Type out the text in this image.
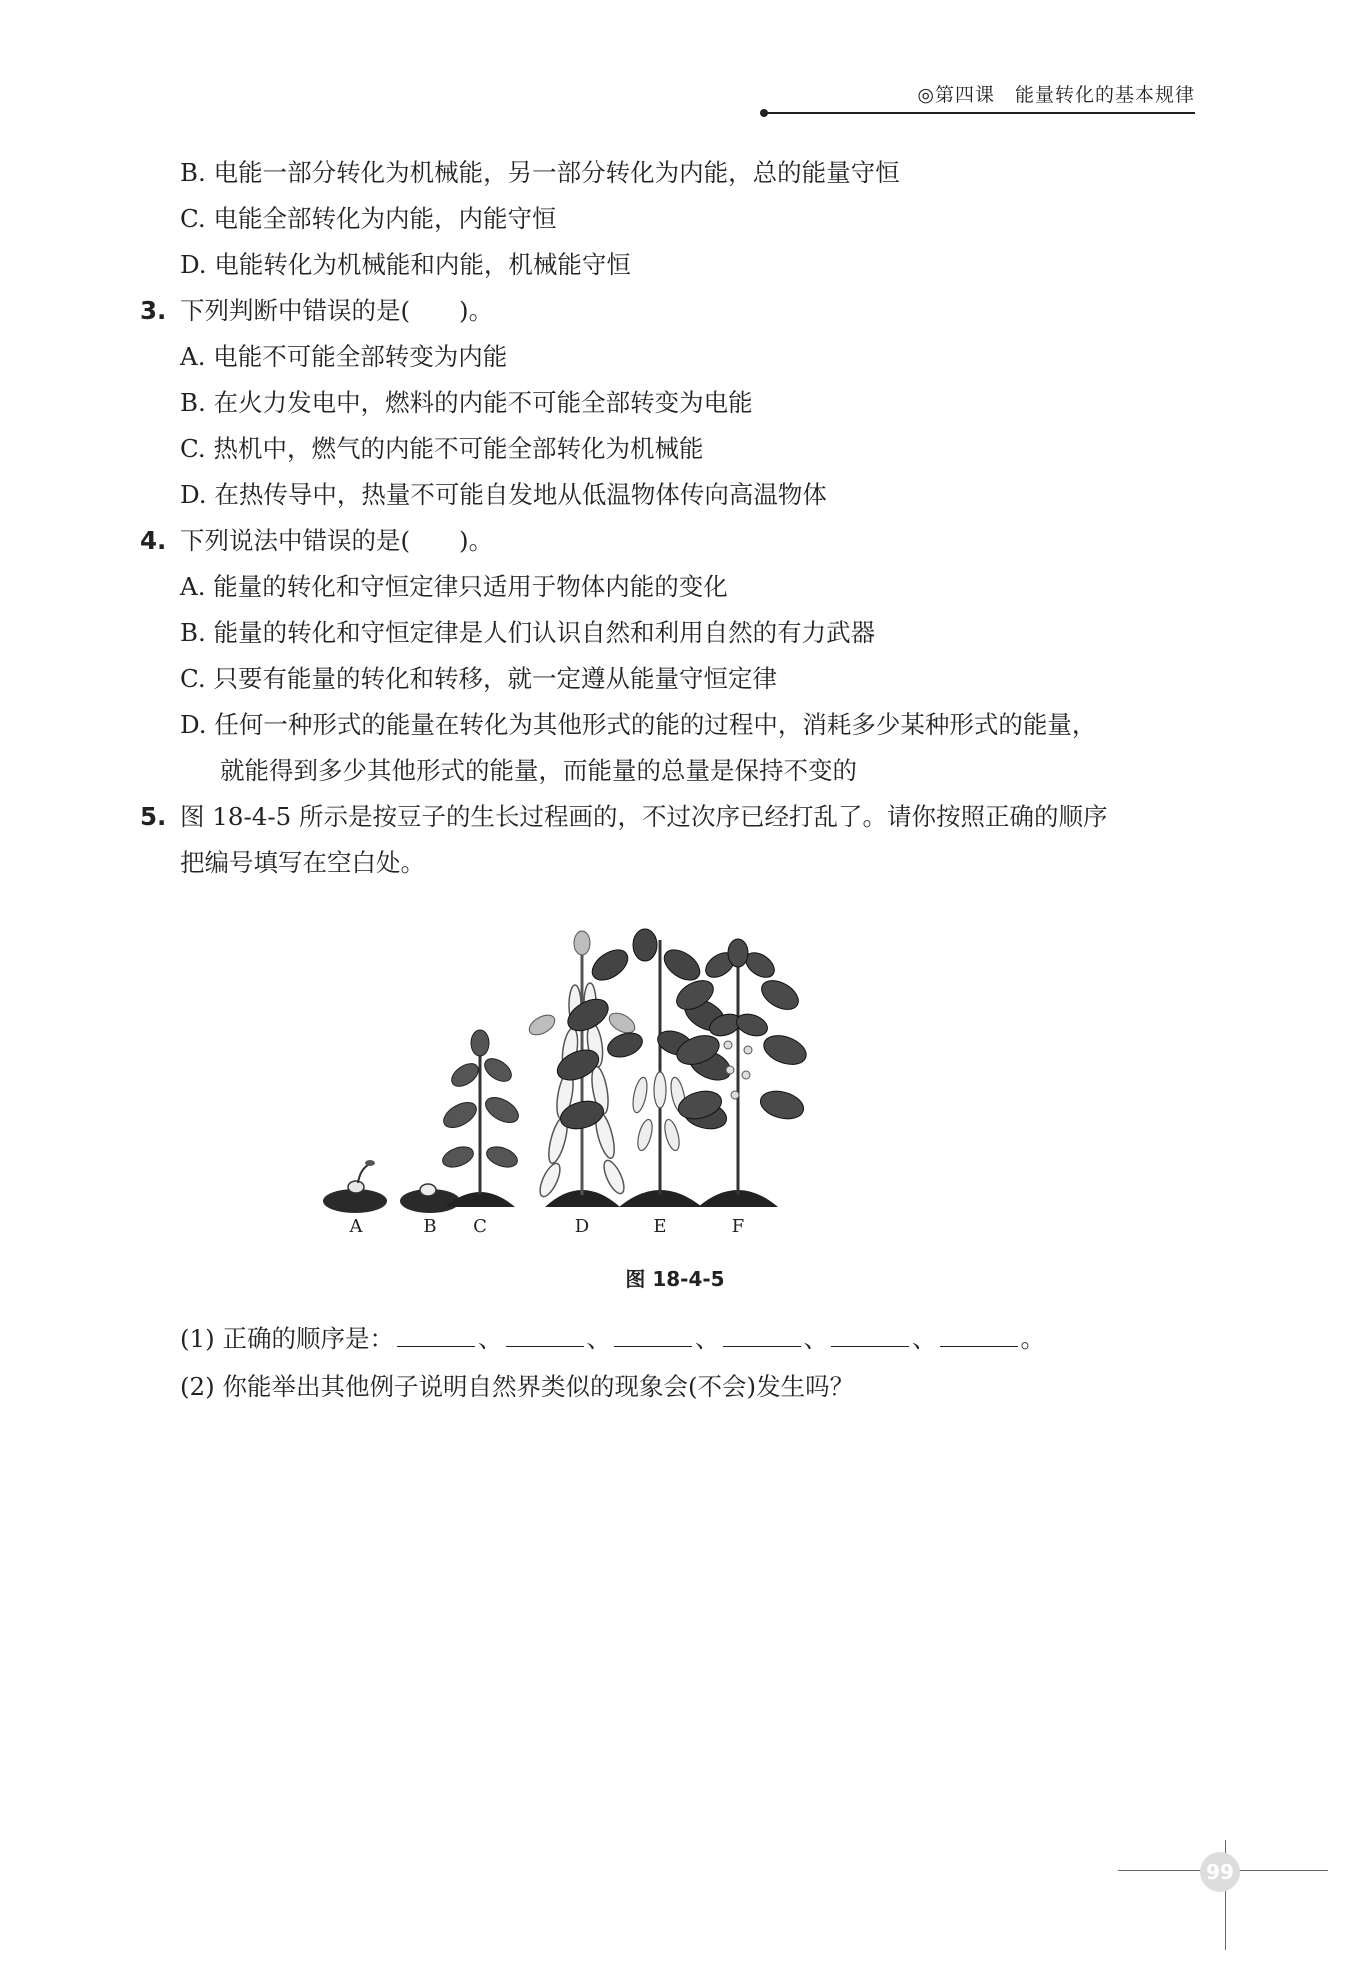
◎第四课　能量转化的基本规律
B. 电能一部分转化为机械能，另一部分转化为内能，总的能量守恒
C. 电能全部转化为内能，内能守恒
D. 电能转化为机械能和内能，机械能守恒
3. 下列判断中错误的是(　　)。
A. 电能不可能全部转变为内能
B. 在火力发电中，燃料的内能不可能全部转变为电能
C. 热机中，燃气的内能不可能全部转化为机械能
D. 在热传导中，热量不可能自发地从低温物体传向高温物体
4. 下列说法中错误的是(　　)。
A. 能量的转化和守恒定律只适用于物体内能的变化
B. 能量的转化和守恒定律是人们认识自然和利用自然的有力武器
C. 只要有能量的转化和转移，就一定遵从能量守恒定律
D. 任何一种形式的能量在转化为其他形式的能的过程中，消耗多少某种形式的能量，
就能得到多少其他形式的能量，而能量的总量是保持不变的
5. 图 18-4-5 所示是按豆子的生长过程画的，不过次序已经打乱了。请你按照正确的顺序
把编号填写在空白处。
A	B C	D	E	F
图 18-4-5
(1) 正确的顺序是：	、	、	、	、	、	。
(2) 你能举出其他例子说明自然界类似的现象会(不会)发生吗？
99
